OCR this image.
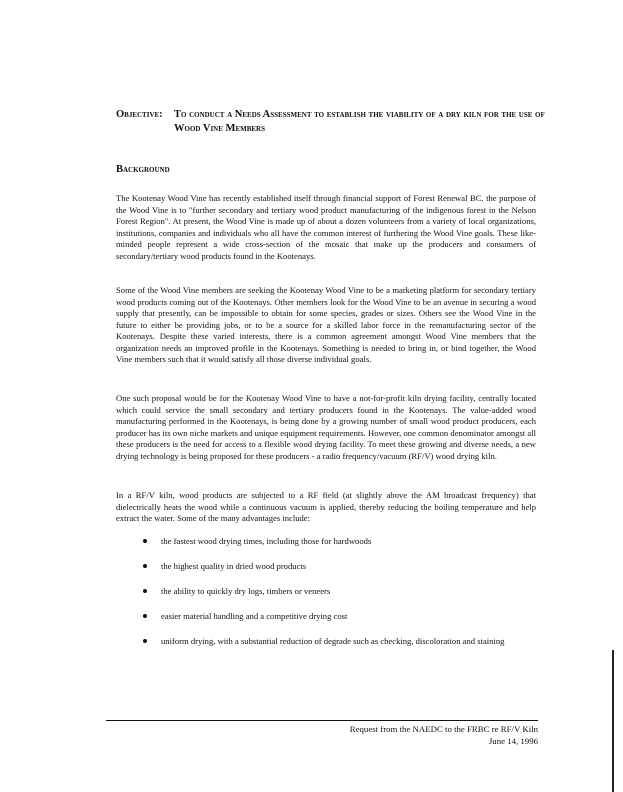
Objective: To conduct a Needs Assessment to establish the viability of a dry kiln for the use of Wood Vine Members
Background

The Kootenay Wood Vine has recently established itself through financial support of Forest Renewal BC. the purpose of the Wood Vine is to "further secondary and tertiary wood product manufacturing of the indigenous forest in the Nelson Forest Region". At present, the Wood Vine is made up of about a dozen volunteers from a variety of local organizations, institutions, companies and individuals who all have the common interest of furthering the Wood Vine goals. These like-minded people represent a wide cross-section of the mosaic that make up the producers and consumers of secondary/tertiary wood products found in the Kootenays.

Some of the Wood Vine members are seeking the Kootenay Wood Vine to be a marketing platform for secondary tertiary wood products coming out of the Kootenays. Other members look for the Wood Vine to be an avenue in securing a wood supply that presently, can be impossible to obtain for some species, grades or sizes. Others see the Wood Vine in the future to either be providing jobs, or to be a source for a skilled labor force in the remanufacturing sector of the Kootenays. Despite these varied interests, there is a common agreement amongst Wood Vine members that the organization needs an improved profile in the Kootenays. Something is needed to bring in, or bind together, the Wood Vine members such that it would satisfy all those diverse individual goals.

One such proposal would be for the Kootenay Wood Vine to have a not-for-profit kiln drying facility, centrally located which could service the small secondary and tertiary producers found in the Kootenays. The value-added wood manufacturing performed in the Kootenays, is being done by a growing number of small wood product producers, each producer has its own niche markets and unique equipment requirements. However, one common denominator amongst all these producers is the need for access to a flexible wood drying facility. To meet these growing and diverse needs, a new drying technology is being proposed for these producers - a radio frequency/vacuum (RF/V) wood drying kiln.

In a RF/V kiln, wood products are subjected to a RF field (at slightly above the AM broadcast frequency) that dielectrically heats the wood while a continuous vacuum is applied, thereby reducing the boiling temperature and help extract the water. Some of the many advantages include:

the fastest wood drying times, including those for hardwoods
the highest quality in dried wood products
the ability to quickly dry logs, timbers or veneers
easier material handling and a competitive drying cost
uniform drying, with a substantial reduction of degrade such as checking, discoloration and staining
Request from the NAEDC to the FRBC re RF/V Kiln
June 14, 1996
